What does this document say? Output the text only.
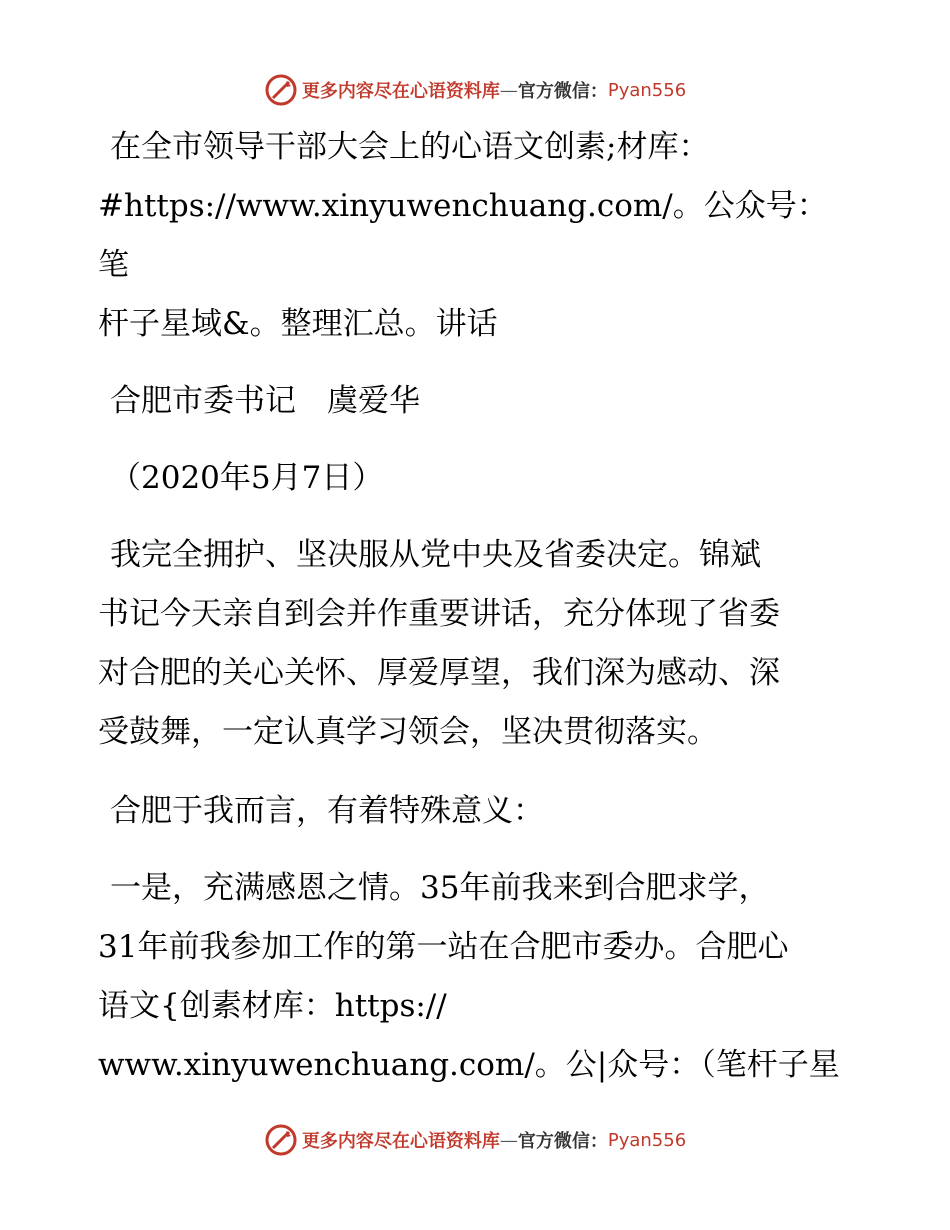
更多内容尽在心语资料库 — 官方微信： Pyan556
在全市领导干部大会上的心语文创素;材库：
#https://www.xinyuwenchuang.com/。公众号：笔
杆子星域&。整理汇总。讲话
合肥市委书记　虞爱华
（2020年5月7日）
我完全拥护、坚决服从党中央及省委决定。锦斌
书记今天亲自到会并作重要讲话，充分体现了省委
对合肥的关心关怀、厚爱厚望，我们深为感动、深
受鼓舞，一定认真学习领会，坚决贯彻落实。
合肥于我而言，有着特殊意义：
一是，充满感恩之情。35年前我来到合肥求学，
31年前我参加工作的第一站在合肥市委办。合肥心
语文{创素材库：https://
www.xinyuwenchuang.com/。公|众号：（笔杆子星
更多内容尽在心语资料库 — 官方微信： Pyan556
